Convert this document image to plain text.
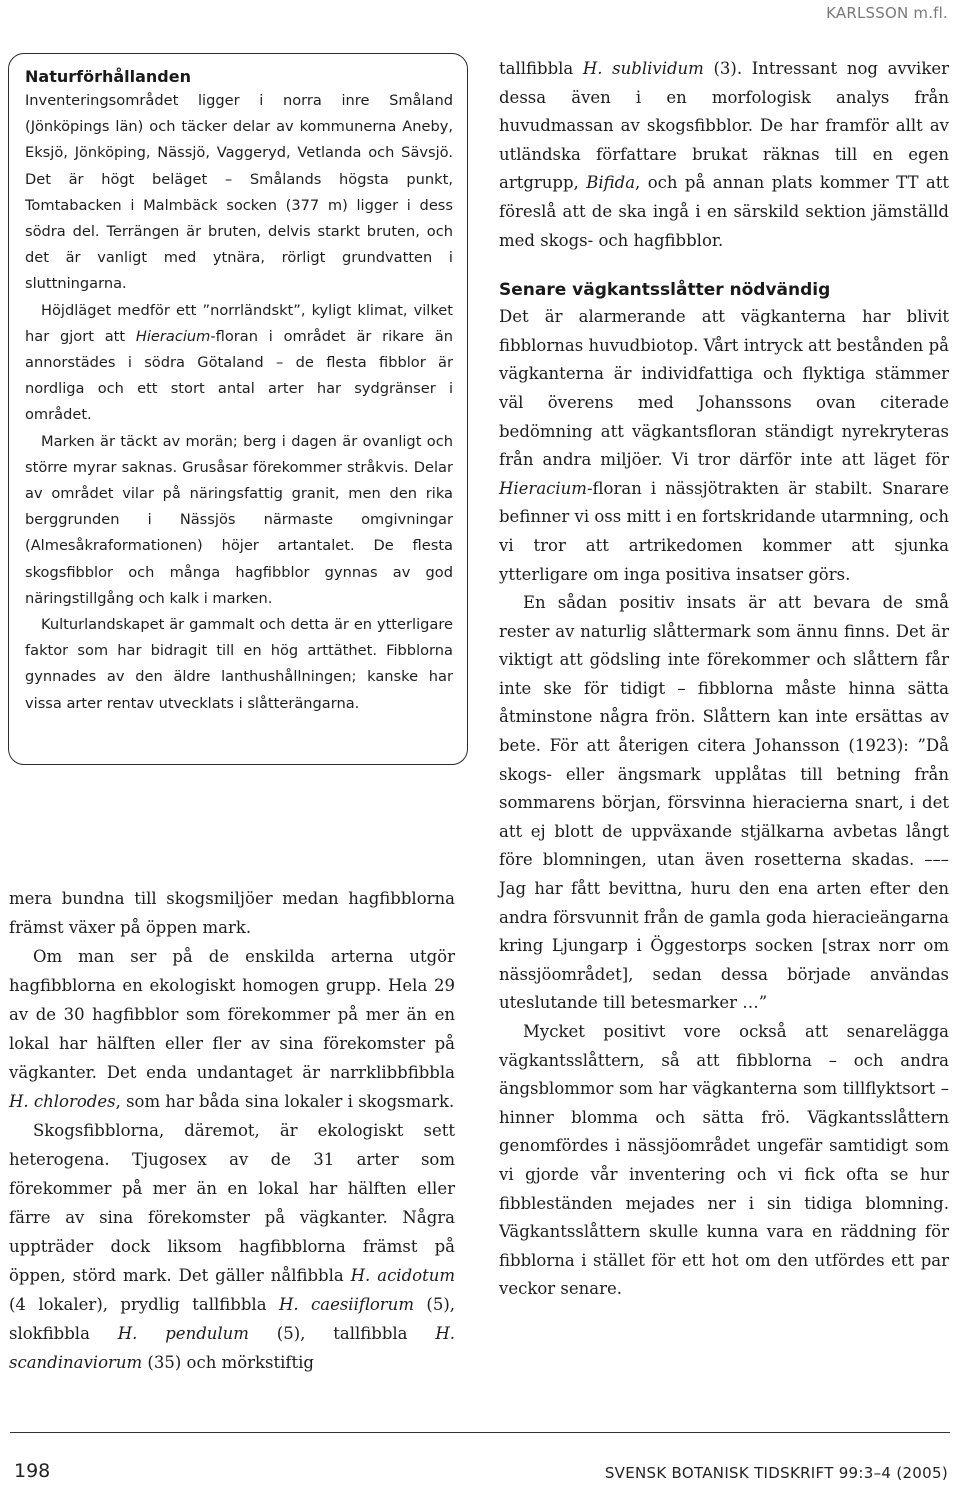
KARLSSON m.fl.
Naturförhållanden

Inventeringsområdet ligger i norra inre Småland (Jönköpings län) och täcker delar av kommunerna Aneby, Eksjö, Jönköping, Nässjö, Vaggeryd, Vetlanda och Sävsjö. Det är högt beläget – Smålands högsta punkt, Tomtabacken i Malmbäck socken (377 m) ligger i dess södra del. Terrängen är bruten, delvis starkt bruten, och det är vanligt med ytnära, rörligt grundvatten i sluttningarna.

Höjdläget medför ett ”norrländskt”, kyligt klimat, vilket har gjort att Hieracium-floran i området är rikare än annorstädes i södra Götaland – de flesta fibblor är nordliga och ett stort antal arter har sydgränser i området.

Marken är täckt av morän; berg i dagen är ovanligt och större myrar saknas. Grusåsar förekommer stråkvis. Delar av området vilar på näringsfattig granit, men den rika berggrunden i Nässjös närmaste omgivningar (Almesåkraformationen) höjer artantalet. De flesta skogsfibblor och många hagfibblor gynnas av god näringstillgång och kalk i marken.

Kulturlandskapet är gammalt och detta är en ytterligare faktor som har bidragit till en hög arttäthet. Fibblorna gynnades av den äldre lanthushållningen; kanske har vissa arter rentav utvecklats i slåtterängarna.

mera bundna till skogsmiljöer medan hagfibblorna främst växer på öppen mark.

Om man ser på de enskilda arterna utgör hagfibblorna en ekologiskt homogen grupp. Hela 29 av de 30 hagfibblor som förekommer på mer än en lokal har hälften eller fler av sina förekomster på vägkanter. Det enda undantaget är narrklibbfibbla H. chlorodes, som har båda sina lokaler i skogsmark.

Skogsfibblorna, däremot, är ekologiskt sett heterogena. Tjugosex av de 31 arter som förekommer på mer än en lokal har hälften eller färre av sina förekomster på vägkanter. Några uppträder dock liksom hagfibblorna främst på öppen, störd mark. Det gäller nålfibbla H. acidotum (4 lokaler), prydlig tallfibbla H. caesiiflorum (5), slokfibbla H. pendulum (5), tallfibbla H. scandinaviorum (35) och mörkstiftig

tallfibbla H. sublividum (3). Intressant nog avviker dessa även i en morfologisk analys från huvudmassan av skogsfibblor. De har framför allt av utländska författare brukat räknas till en egen artgrupp, Bifida, och på annan plats kommer TT att föreslå att de ska ingå i en särskild sektion jämställd med skogs- och hagfibblor.

Senare vägkantsslåtter nödvändig

Det är alarmerande att vägkanterna har blivit fibblornas huvudbiotop. Vårt intryck att bestånden på vägkanterna är individfattiga och flyktiga stämmer väl överens med Johanssons ovan citerade bedömning att vägkantsfloran ständigt nyrekryteras från andra miljöer. Vi tror därför inte att läget för Hieracium-floran i nässjötrakten är stabilt. Snarare befinner vi oss mitt i en fortskridande utarmning, och vi tror att artrikedomen kommer att sjunka ytterligare om inga positiva insatser görs.

En sådan positiv insats är att bevara de små rester av naturlig slåttermark som ännu finns. Det är viktigt att gödsling inte förekommer och slåttern får inte ske för tidigt – fibblorna måste hinna sätta åtminstone några frön. Slåttern kan inte ersättas av bete. För att återigen citera Johansson (1923): ”Då skogs- eller ängsmark upplåtas till betning från sommarens början, försvinna hieracierna snart, i det att ej blott de uppväxande stjälkarna avbetas långt före blomningen, utan även rosetterna skadas. ––– Jag har fått bevittna, huru den ena arten efter den andra försvunnit från de gamla goda hieracieängarna kring Ljungarp i Öggestorps socken [strax norr om nässjöområdet], sedan dessa började användas uteslutande till betesmarker …”

Mycket positivt vore också att senarelägga vägkantsslåttern, så att fibblorna – och andra ängsblommor som har vägkanterna som tillflyktsort – hinner blomma och sätta frö. Vägkantsslåttern genomfördes i nässjöområdet ungefär samtidigt som vi gjorde vår inventering och vi fick ofta se hur fibbleständen mejades ner i sin tidiga blomning. Vägkantsslåttern skulle kunna vara en räddning för fibblorna i stället för ett hot om den utfördes ett par veckor senare.

198	SVENSK BOTANISK TIDSKRIFT 99:3–4 (2005)
